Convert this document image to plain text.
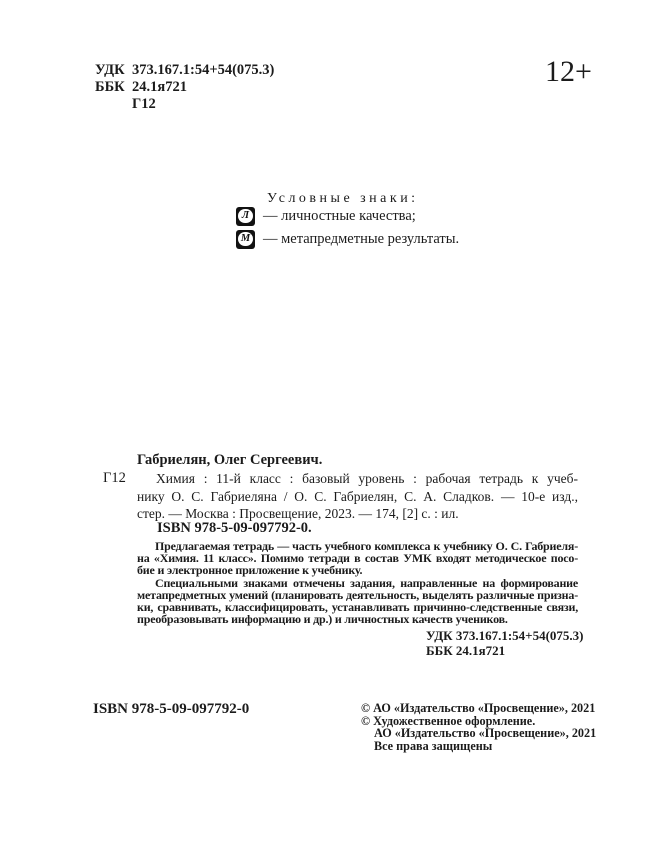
УДК 373.167.1:54+54(075.3)
ББК 24.1я721
Г12
12+
Условные знаки:
Л — личностные качества;
М — метапредметные результаты.
Габриелян, Олег Сергеевич.
Г12	Химия : 11-й класс : базовый уровень : рабочая тетрадь к учеб-
нику О. С. Габриеляна / О. С. Габриелян, С. А. Сладков. — 10-е изд.,
стер. — Москва : Просвещение, 2023. — 174, [2] с. : ил.
ISBN 978-5-09-097792-0.
Предлагаемая тетрадь — часть учебного комплекса к учебнику О. С. Габриеля-
на «Химия. 11 класс». Помимо тетради в состав УМК входят методическое посо-
бие и электронное приложение к учебнику.
Специальными знаками отмечены задания, направленные на формирование
метапредметных умений (планировать деятельность, выделять различные призна-
ки, сравнивать, классифицировать, устанавливать причинно-следственные связи,
преобразовывать информацию и др.) и личностных качеств учеников.
УДК 373.167.1:54+54(075.3)
ББК 24.1я721
ISBN 978-5-09-097792-0	© АО «Издательство «Просвещение», 2021
© Художественное оформление.
АО «Издательство «Просвещение», 2021
Все права защищены
